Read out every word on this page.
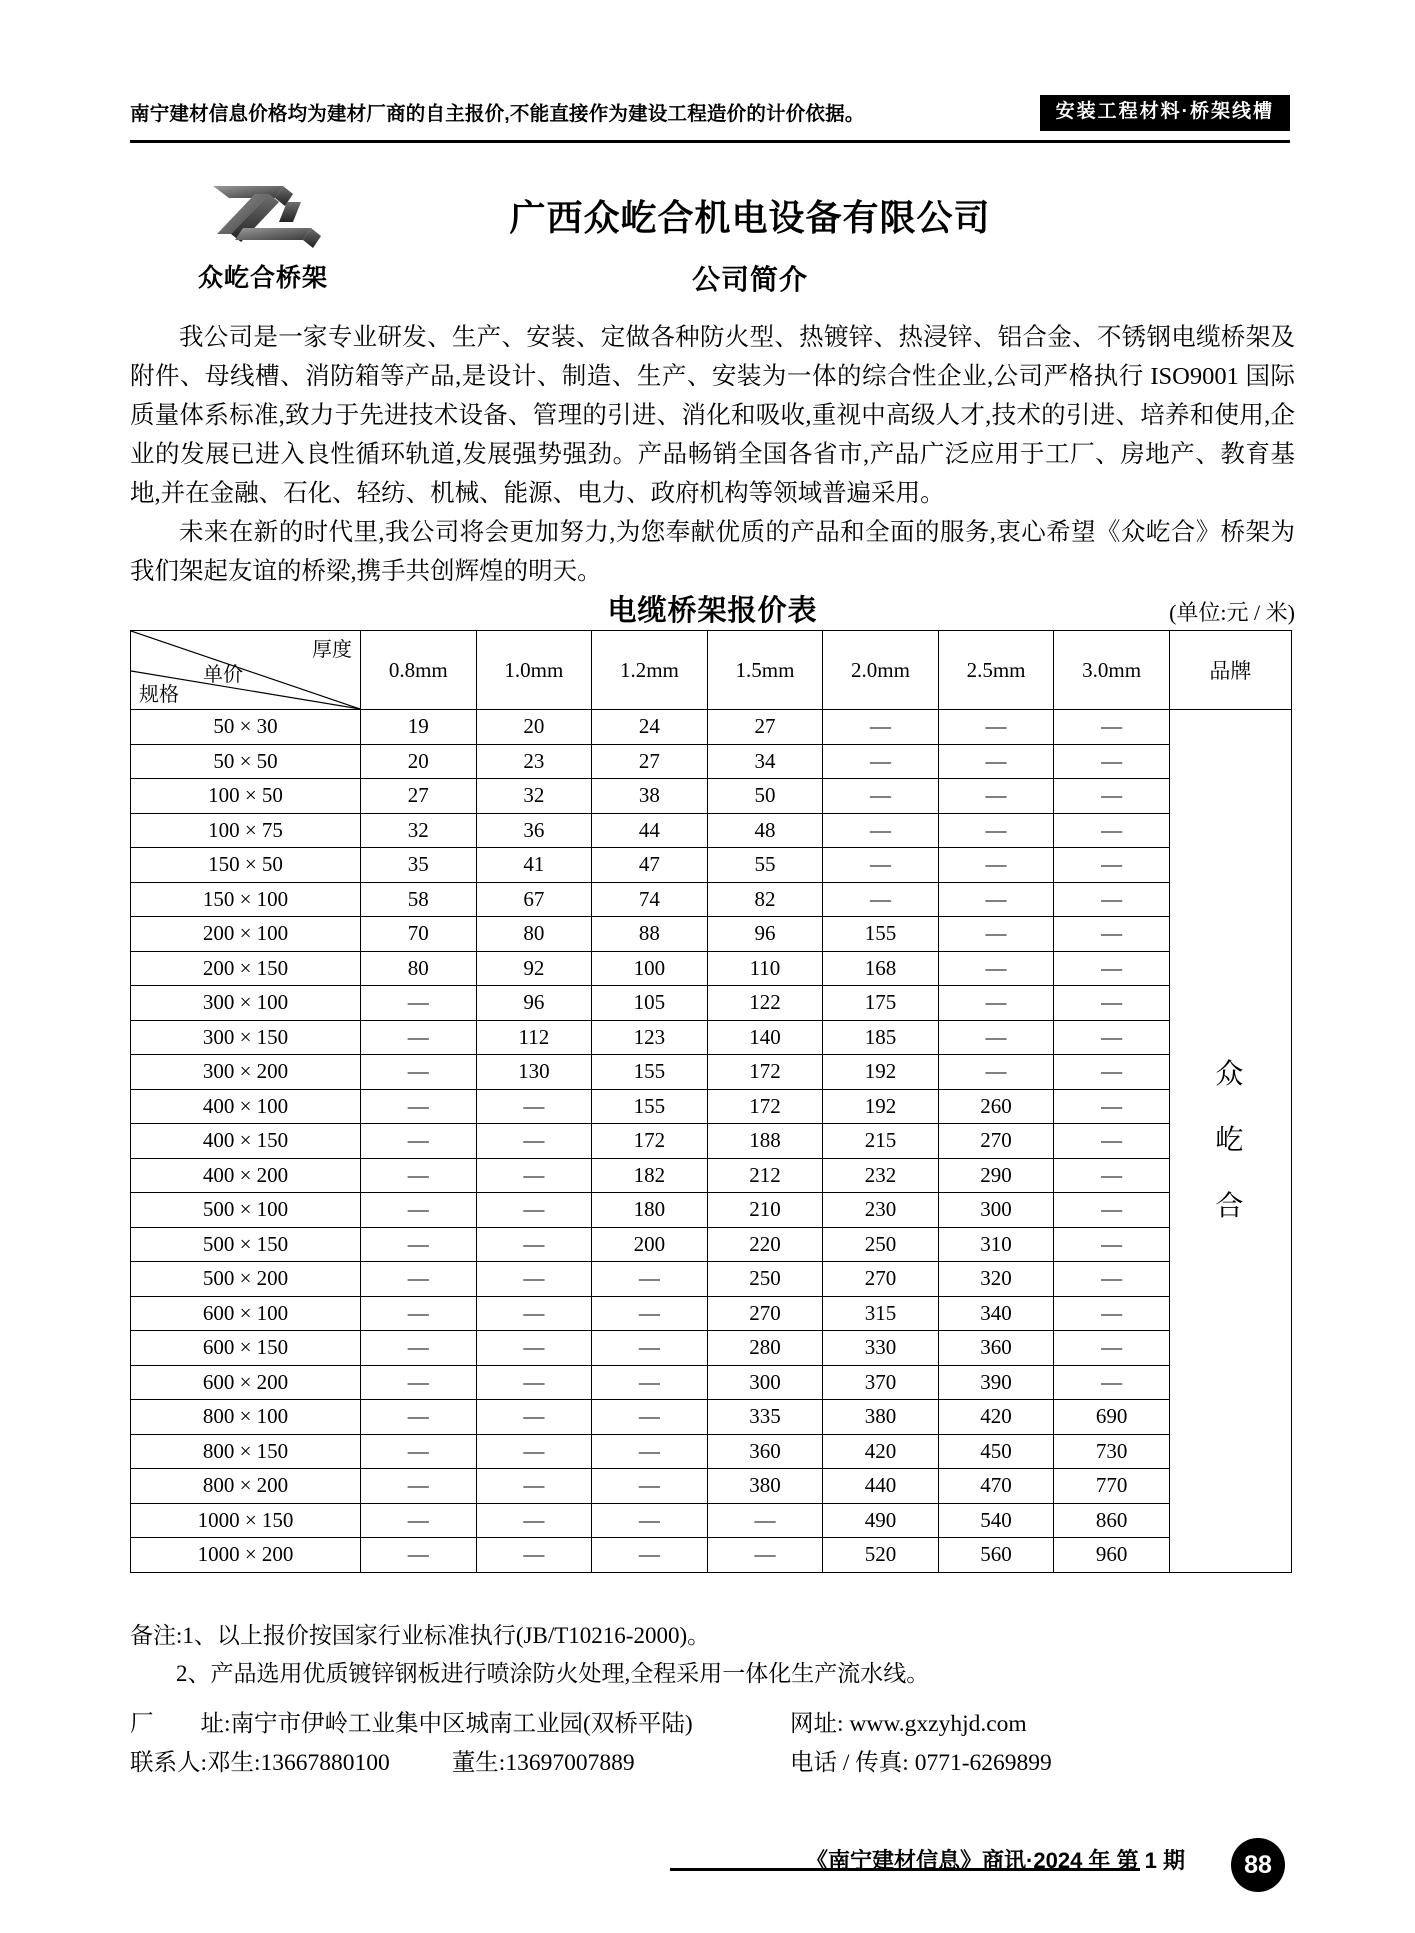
南宁建材信息价格均为建材厂商的自主报价,不能直接作为建设工程造价的计价依据。	安装工程材料·桥架线槽
众屹合桥架
广西众屹合机电设备有限公司
公司简介

我公司是一家专业研发、生产、安装、定做各种防火型、热镀锌、热浸锌、铝合金、不锈钢电缆桥架及附件、母线槽、消防箱等产品,是设计、制造、生产、安装为一体的综合性企业,公司严格执行 ISO9001 国际质量体系标准,致力于先进技术设备、管理的引进、消化和吸收,重视中高级人才,技术的引进、培养和使用,企业的发展已进入良性循环轨道,发展强势强劲。产品畅销全国各省市,产品广泛应用于工厂、房地产、教育基地,并在金融、石化、轻纺、机械、能源、电力、政府机构等领域普遍采用。

未来在新的时代里,我公司将会更加努力,为您奉献优质的产品和全面的服务,衷心希望《众屹合》桥架为我们架起友谊的桥梁,携手共创辉煌的明天。

电缆桥架报价表	(单位:元 / 米)
厚度
单价
规格	0.8mm	1.0mm	1.2mm	1.5mm	2.0mm	2.5mm	3.0mm	品牌
50 × 30	19	20	24	27	—	—	—	众
屹
合

50 × 50	20	23	27	34	—	—	—	
100 × 50	27	32	38	50	—	—	—	
100 × 75	32	36	44	48	—	—	—	
150 × 50	35	41	47	55	—	—	—	
150 × 100	58	67	74	82	—	—	—	
200 × 100	70	80	88	96	155	—	—	
200 × 150	80	92	100	110	168	—	—	
300 × 100	—	96	105	122	175	—	—	
300 × 150	—	112	123	140	185	—	—	
300 × 200	—	130	155	172	192	—	—	
400 × 100	—	—	155	172	192	260	—	
400 × 150	—	—	172	188	215	270	—	
400 × 200	—	—	182	212	232	290	—	
500 × 100	—	—	180	210	230	300	—	
500 × 150	—	—	200	220	250	310	—	
500 × 200	—	—	—	250	270	320	—	
600 × 100	—	—	—	270	315	340	—	
600 × 150	—	—	—	280	330	360	—	
600 × 200	—	—	—	300	370	390	—	
800 × 100	—	—	—	335	380	420	690	
800 × 150	—	—	—	360	420	450	730	
800 × 200	—	—	—	380	440	470	770	
1000 × 150	—	—	—	—	490	540	860	
1000 × 200	—	—	—	—	520	560	960	
备注:1、以上报价按国家行业标准执行(JB/T10216-2000)。
2、产品选用优质镀锌钢板进行喷涂防火处理,全程采用一体化生产流水线。
厂　　址:南宁市伊岭工业集中区城南工业园(双桥平陆)	网址: www.gxzyhjd.com
联系人:邓生:13667880100	董生:13697007889	电话 / 传真: 0771-6269899
《南宁建材信息》商讯·2024 年 第 1 期	88
